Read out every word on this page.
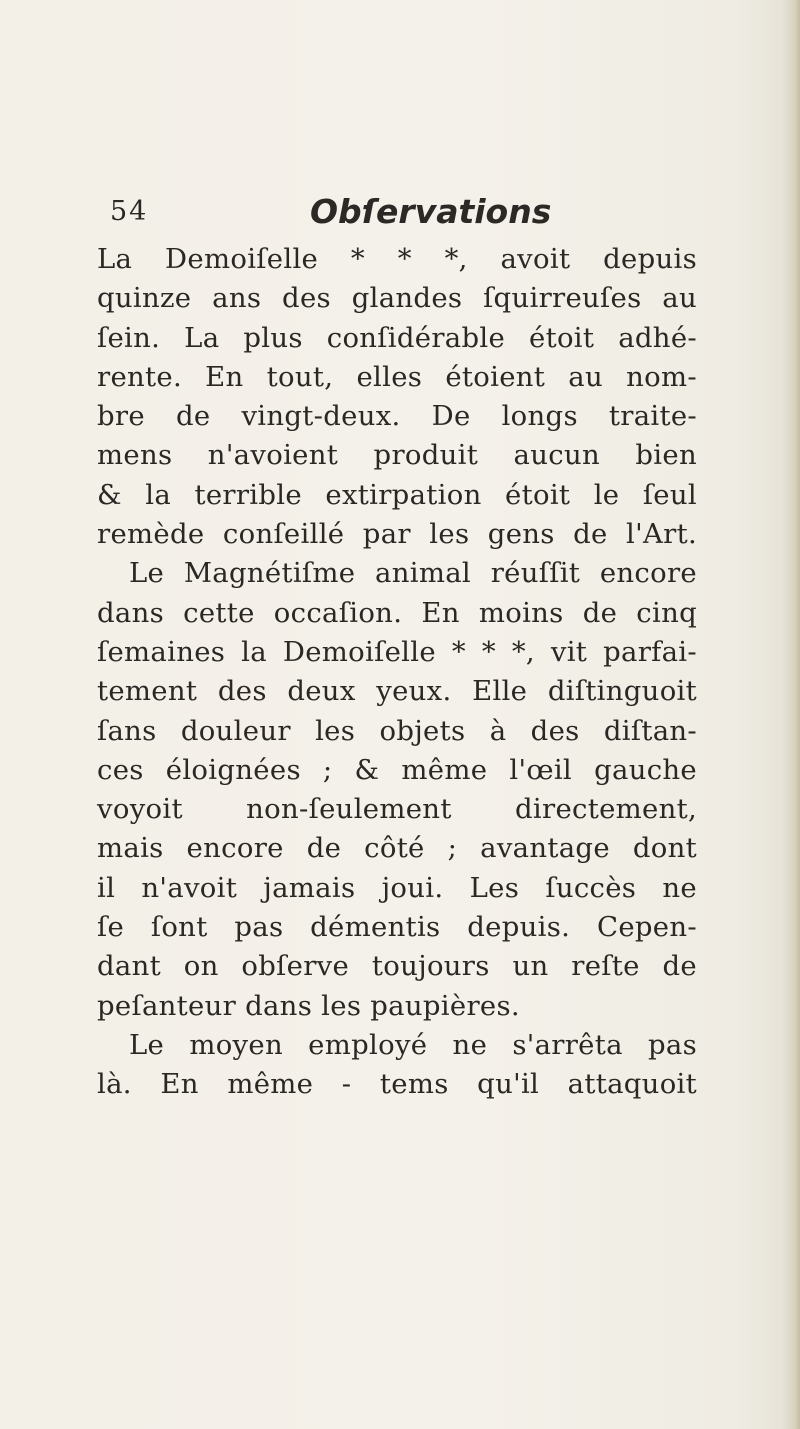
54	Obſervations
La Demoiſelle * * *, avoit depuis
quinze ans des glandes ſquirreuſes au
ſein. La plus conſidérable étoit adhé-
rente. En tout, elles étoient au nom-
bre de vingt-deux. De longs traite-
mens n'avoient produit aucun bien
& la terrible extirpation étoit le ſeul
remède conſeillé par les gens de l'Art.
Le Magnétiſme animal réuſſit encore
dans cette occaſion. En moins de cinq
ſemaines la Demoiſelle * * *, vit parfai-
tement des deux yeux. Elle diſtinguoit
ſans douleur les objets à des diſtan-
ces éloignées ; & même l'œil gauche
voyoit non-ſeulement directement,
mais encore de côté ; avantage dont
il n'avoit jamais joui. Les ſuccès ne
ſe ſont pas démentis depuis. Cepen-
dant on obſerve toujours un reſte de
peſanteur dans les paupières.
Le moyen employé ne s'arrêta pas
là. En même - tems qu'il attaquoit
